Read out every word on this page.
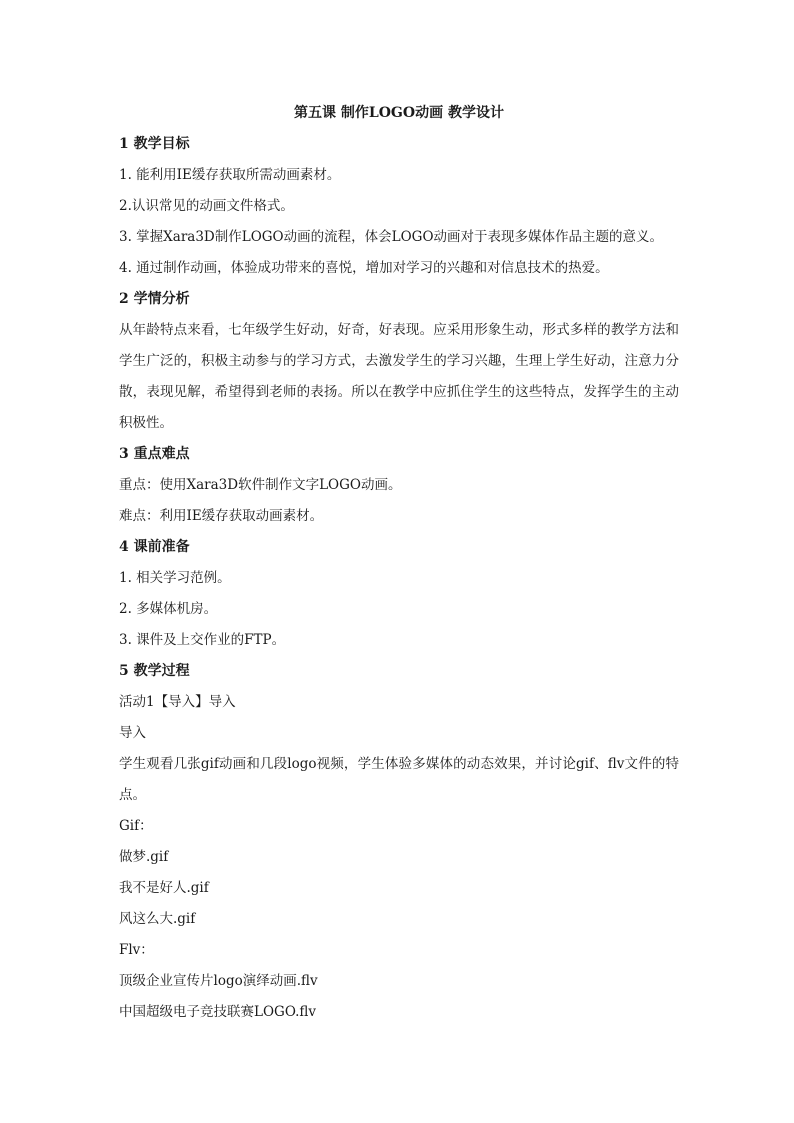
第五课 制作LOGO动画 教学设计

1 教学目标

1. 能利用IE缓存获取所需动画素材。

2.认识常见的动画文件格式。

3. 掌握Xara3D制作LOGO动画的流程，体会LOGO动画对于表现多媒体作品主题的意义。

4. 通过制作动画，体验成功带来的喜悦，增加对学习的兴趣和对信息技术的热爱。

2 学情分析

从年龄特点来看，七年级学生好动，好奇，好表现。应采用形象生动，形式多样的教学方法和学生广泛的，积极主动参与的学习方式，去激发学生的学习兴趣，生理上学生好动，注意力分散，表现见解，希望得到老师的表扬。所以在教学中应抓住学生的这些特点，发挥学生的主动积极性。

3 重点难点

重点：使用Xara3D软件制作文字LOGO动画。

难点：利用IE缓存获取动画素材。

4 课前准备

1. 相关学习范例。

2. 多媒体机房。

3. 课件及上交作业的FTP。

5 教学过程

活动1【导入】导入

导入

学生观看几张gif动画和几段logo视频，学生体验多媒体的动态效果，并讨论gif、flv文件的特点。

Gif：

做梦.gif

我不是好人.gif

风这么大.gif

Flv：

顶级企业宣传片logo演绎动画.flv

中国超级电子竞技联赛LOGO.flv
